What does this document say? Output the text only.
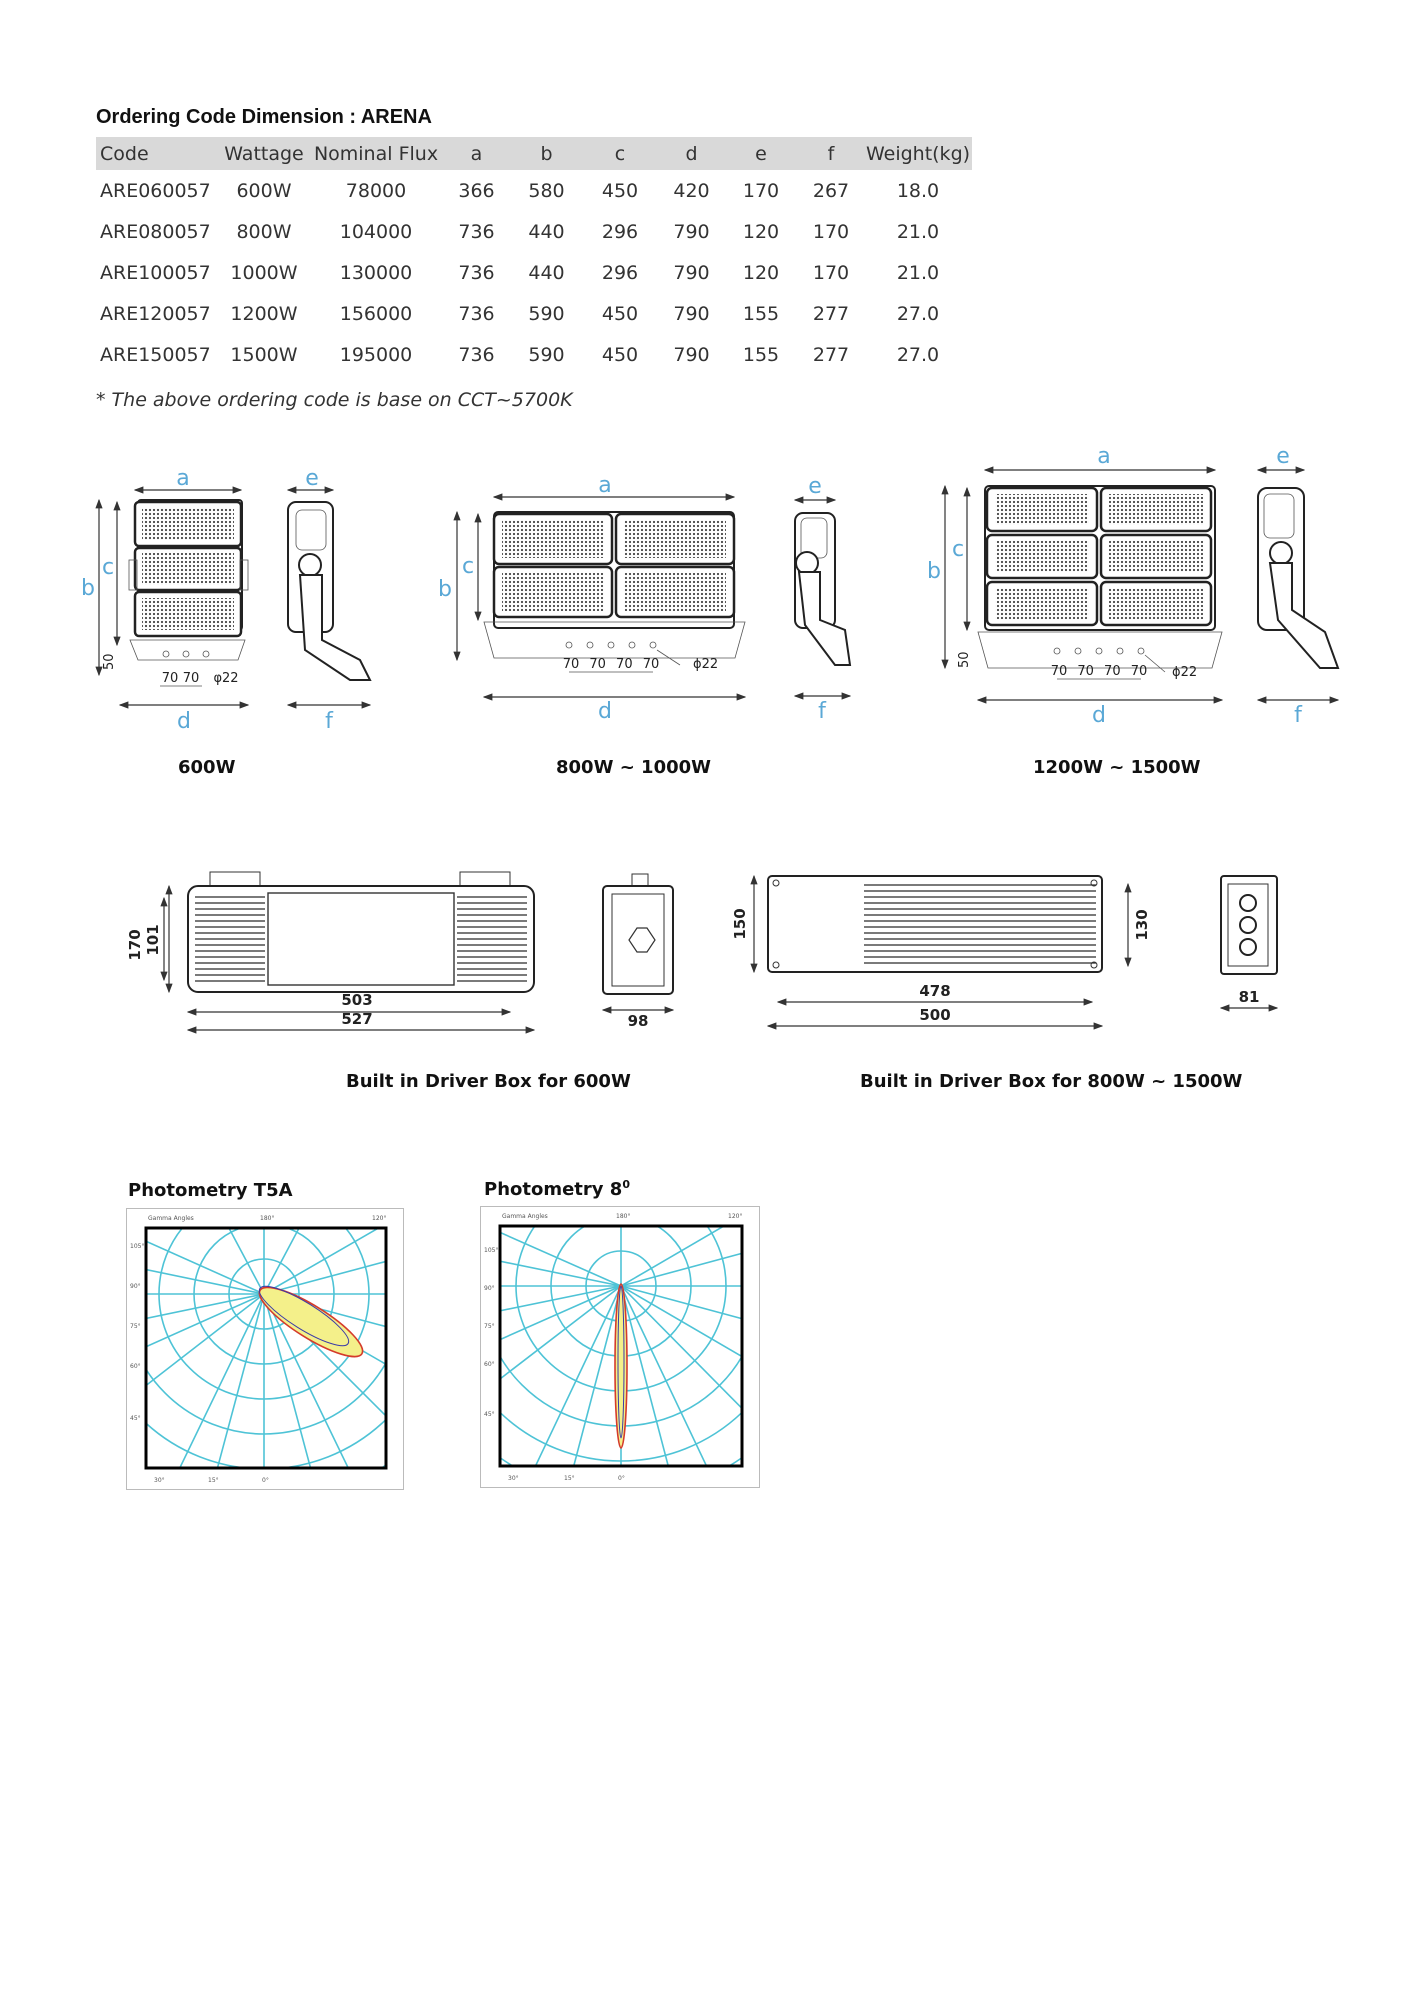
Ordering Code Dimension : ARENA
Code	Wattage	Nominal Flux	a	b	c	d	e	f	Weight(kg)
ARE060057	600W	78000	366	580	450	420	170	267	18.0
ARE080057	800W	104000	736	440	296	790	120	170	21.0
ARE100057	1000W	130000	736	440	296	790	120	170	21.0
ARE120057	1200W	156000	736	590	450	790	155	277	27.0
ARE150057	1500W	195000	736	590	450	790	155	277	27.0
* The above ordering code is base on CCT~5700K
a
b
c
d
50
70 70 φ22
e
f
a
b
c
d
70 70 70 70	ϕ22
e
f
a
b
c
d
50
70 70 70 70 ϕ22
e
f
600W	800W ~ 1000W	1200W ~ 1500W
170 101
503
527	98
150	130
478
500
81
Built in Driver Box for 600W	Built in Driver Box for 800W ~ 1500W
Photometry T5A	Photometry $8^0$
Gamma Angles	180°	120°
105°
90°
75°
60°
45°
30°	15°	0°
Gamma Angles	180°	120°
105°
90°
75°
60°
45°
30°	15°	0°
